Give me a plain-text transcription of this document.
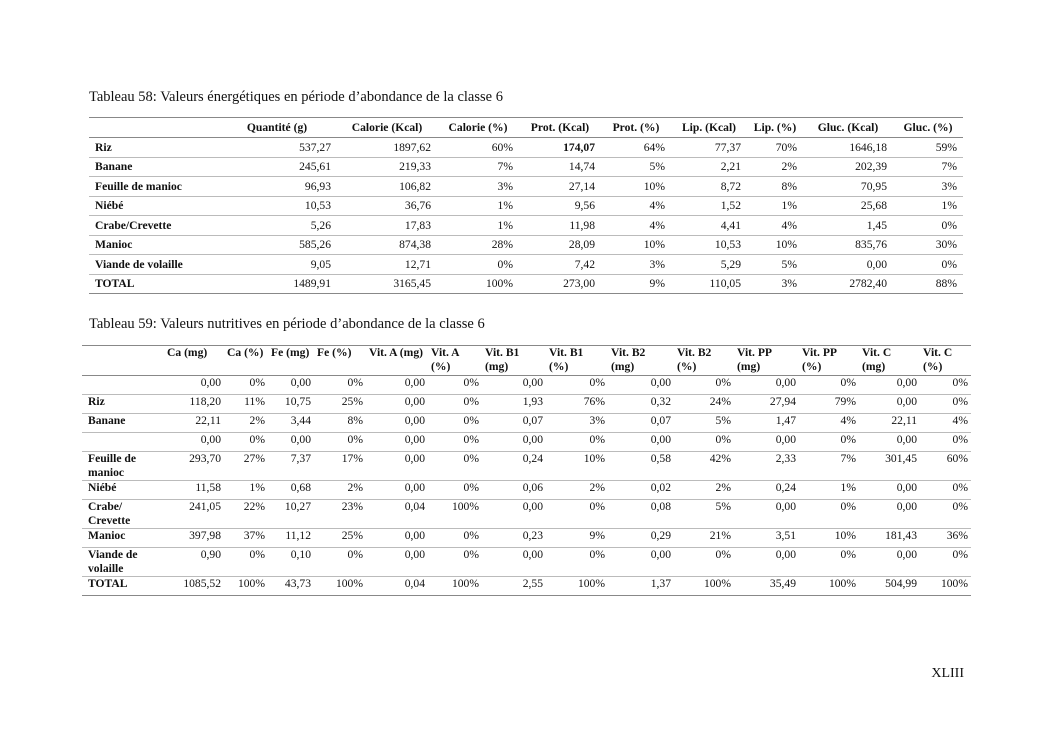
Tableau 58: Valeurs énergétiques en période d’abondance de la classe 6
	Quantité (g)	Calorie (Kcal)	Calorie (%)	Prot. (Kcal)	Prot. (%)	Lip. (Kcal)	Lip. (%)	Gluc. (Kcal)	Gluc. (%)
Riz	537,27	1897,62	60%	174,07	64%	77,37	70%	1646,18	59%
Banane	245,61	219,33	7%	14,74	5%	2,21	2%	202,39	7%
Feuille de manioc	96,93	106,82	3%	27,14	10%	8,72	8%	70,95	3%
Niébé	10,53	36,76	1%	9,56	4%	1,52	1%	25,68	1%
Crabe/Crevette	5,26	17,83	1%	11,98	4%	4,41	4%	1,45	0%
Manioc	585,26	874,38	28%	28,09	10%	10,53	10%	835,76	30%
Viande de volaille	9,05	12,71	0%	7,42	3%	5,29	5%	0,00	0%
TOTAL	1489,91	3165,45	100%	273,00	9%	110,05	3%	2782,40	88%
Tableau 59: Valeurs nutritives en période d’abondance de la classe 6
	Ca (mg)	Ca (%)	Fe (mg)	Fe (%)	Vit. A (mg)	Vit. A (%)	Vit. B1 (mg)	Vit. B1 (%)	Vit. B2 (mg)	Vit. B2 (%)	Vit. PP (mg)	Vit. PP (%)	Vit. C (mg)	Vit. C (%)
	0,00	0%	0,00	0%	0,00	0%	0,00	0%	0,00	0%	0,00	0%	0,00	0%
Riz	118,20	11%	10,75	25%	0,00	0%	1,93	76%	0,32	24%	27,94	79%	0,00	0%
Banane	22,11	2%	3,44	8%	0,00	0%	0,07	3%	0,07	5%	1,47	4%	22,11	4%
	0,00	0%	0,00	0%	0,00	0%	0,00	0%	0,00	0%	0,00	0%	0,00	0%
Feuille de manioc	293,70	27%	7,37	17%	0,00	0%	0,24	10%	0,58	42%	2,33	7%	301,45	60%
Niébé	11,58	1%	0,68	2%	0,00	0%	0,06	2%	0,02	2%	0,24	1%	0,00	0%
Crabe/ Crevette	241,05	22%	10,27	23%	0,04	100%	0,00	0%	0,08	5%	0,00	0%	0,00	0%
Manioc	397,98	37%	11,12	25%	0,00	0%	0,23	9%	0,29	21%	3,51	10%	181,43	36%
Viande de volaille	0,90	0%	0,10	0%	0,00	0%	0,00	0%	0,00	0%	0,00	0%	0,00	0%
TOTAL	1085,52	100%	43,73	100%	0,04	100%	2,55	100%	1,37	100%	35,49	100%	504,99	100%
XLIII
